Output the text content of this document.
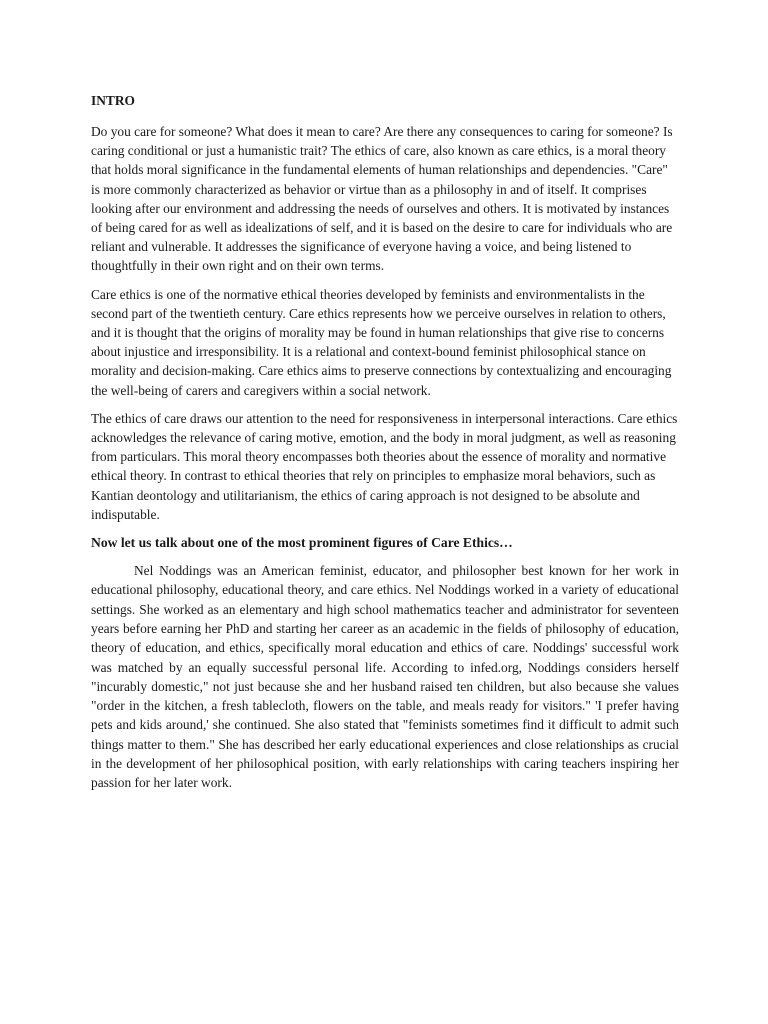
INTRO

Do you care for someone? What does it mean to care? Are there any consequences to caring for someone? Is caring conditional or just a humanistic trait? The ethics of care, also known as care ethics, is a moral theory that holds moral significance in the fundamental elements of human relationships and dependencies. "Care" is more commonly characterized as behavior or virtue than as a philosophy in and of itself. It comprises looking after our environment and addressing the needs of ourselves and others. It is motivated by instances of being cared for as well as idealizations of self, and it is based on the desire to care for individuals who are reliant and vulnerable. It addresses the significance of everyone having a voice, and being listened to thoughtfully in their own right and on their own terms.

Care ethics is one of the normative ethical theories developed by feminists and environmentalists in the second part of the twentieth century. Care ethics represents how we perceive ourselves in relation to others, and it is thought that the origins of morality may be found in human relationships that give rise to concerns about injustice and irresponsibility. It is a relational and context-bound feminist philosophical stance on morality and decision-making. Care ethics aims to preserve connections by contextualizing and encouraging the well-being of carers and caregivers within a social network.

The ethics of care draws our attention to the need for responsiveness in interpersonal interactions. Care ethics acknowledges the relevance of caring motive, emotion, and the body in moral judgment, as well as reasoning from particulars. This moral theory encompasses both theories about the essence of morality and normative ethical theory. In contrast to ethical theories that rely on principles to emphasize moral behaviors, such as Kantian deontology and utilitarianism, the ethics of caring approach is not designed to be absolute and indisputable.

Now let us talk about one of the most prominent figures of Care Ethics…

Nel Noddings was an American feminist, educator, and philosopher best known for her work in educational philosophy, educational theory, and care ethics. Nel Noddings worked in a variety of educational settings. She worked as an elementary and high school mathematics teacher and administrator for seventeen years before earning her PhD and starting her career as an academic in the fields of philosophy of education, theory of education, and ethics, specifically moral education and ethics of care. Noddings' successful work was matched by an equally successful personal life. According to infed.org, Noddings considers herself "incurably domestic," not just because she and her husband raised ten children, but also because she values "order in the kitchen, a fresh tablecloth, flowers on the table, and meals ready for visitors." 'I prefer having pets and kids around,' she continued. She also stated that "feminists sometimes find it difficult to admit such things matter to them." She has described her early educational experiences and close relationships as crucial in the development of her philosophical position, with early relationships with caring teachers inspiring her passion for her later work.
